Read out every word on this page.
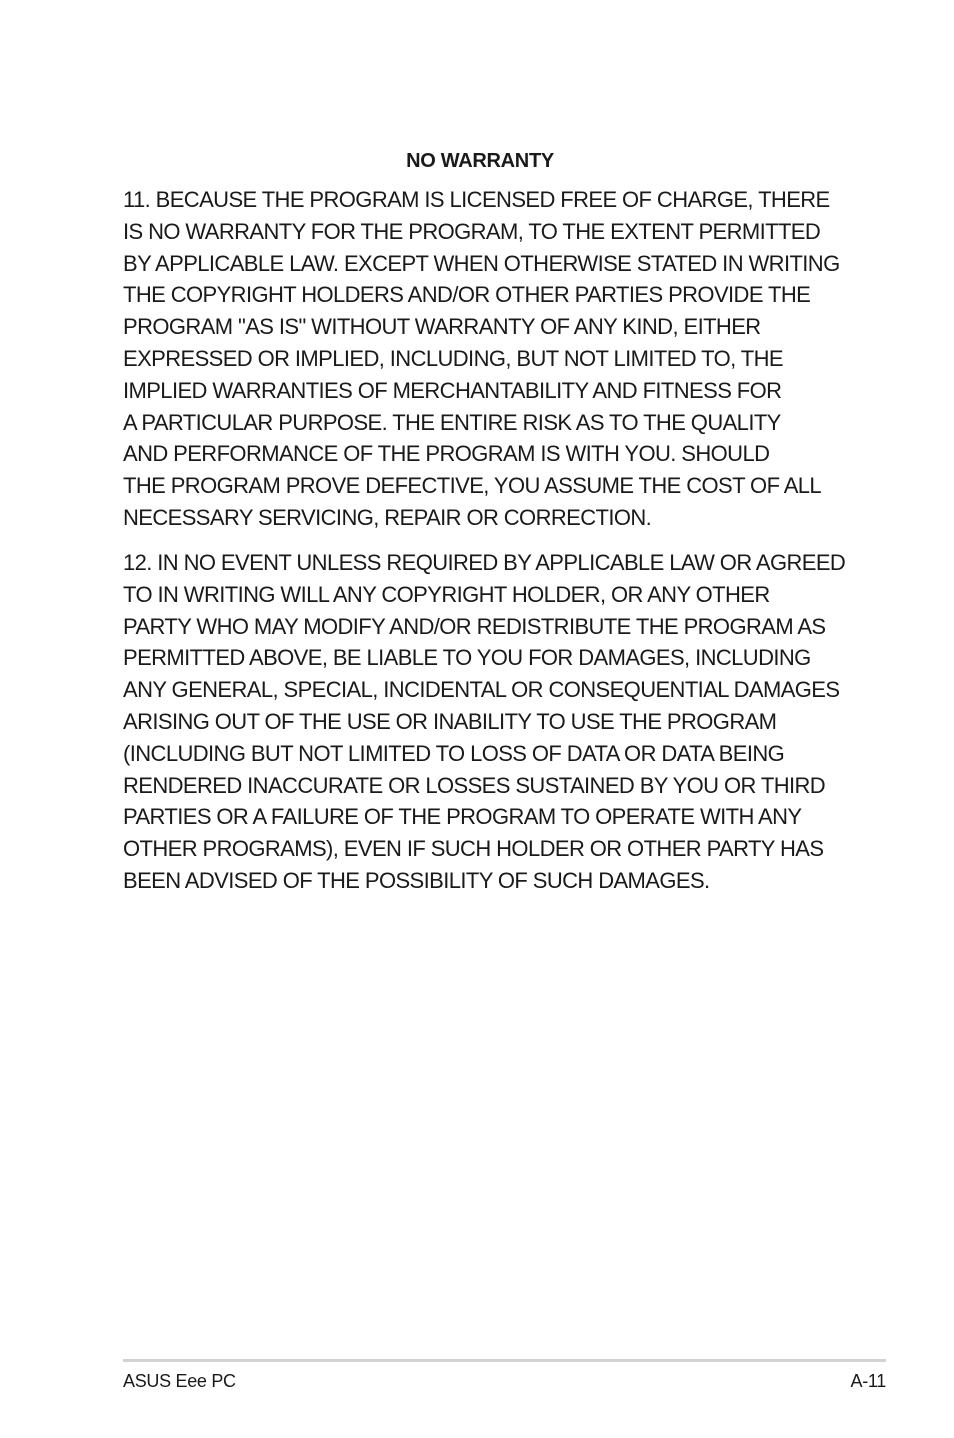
NO WARRANTY
11. BECAUSE THE PROGRAM IS LICENSED FREE OF CHARGE, THERE
IS NO WARRANTY FOR THE PROGRAM, TO THE EXTENT PERMITTED
BY APPLICABLE LAW. EXCEPT WHEN OTHERWISE STATED IN WRITING
THE COPYRIGHT HOLDERS AND/OR OTHER PARTIES PROVIDE THE
PROGRAM "AS IS" WITHOUT WARRANTY OF ANY KIND, EITHER
EXPRESSED OR IMPLIED, INCLUDING, BUT NOT LIMITED TO, THE
IMPLIED WARRANTIES OF MERCHANTABILITY AND FITNESS FOR
A PARTICULAR PURPOSE. THE ENTIRE RISK AS TO THE QUALITY
AND PERFORMANCE OF THE PROGRAM IS WITH YOU. SHOULD
THE PROGRAM PROVE DEFECTIVE, YOU ASSUME THE COST OF ALL
NECESSARY SERVICING, REPAIR OR CORRECTION.
12. IN NO EVENT UNLESS REQUIRED BY APPLICABLE LAW OR AGREED
TO IN WRITING WILL ANY COPYRIGHT HOLDER, OR ANY OTHER
PARTY WHO MAY MODIFY AND/OR REDISTRIBUTE THE PROGRAM AS
PERMITTED ABOVE, BE LIABLE TO YOU FOR DAMAGES, INCLUDING
ANY GENERAL, SPECIAL, INCIDENTAL OR CONSEQUENTIAL DAMAGES
ARISING OUT OF THE USE OR INABILITY TO USE THE PROGRAM
(INCLUDING BUT NOT LIMITED TO LOSS OF DATA OR DATA BEING
RENDERED INACCURATE OR LOSSES SUSTAINED BY YOU OR THIRD
PARTIES OR A FAILURE OF THE PROGRAM TO OPERATE WITH ANY
OTHER PROGRAMS), EVEN IF SUCH HOLDER OR OTHER PARTY HAS
BEEN ADVISED OF THE POSSIBILITY OF SUCH DAMAGES.
ASUS Eee PC	A-11
